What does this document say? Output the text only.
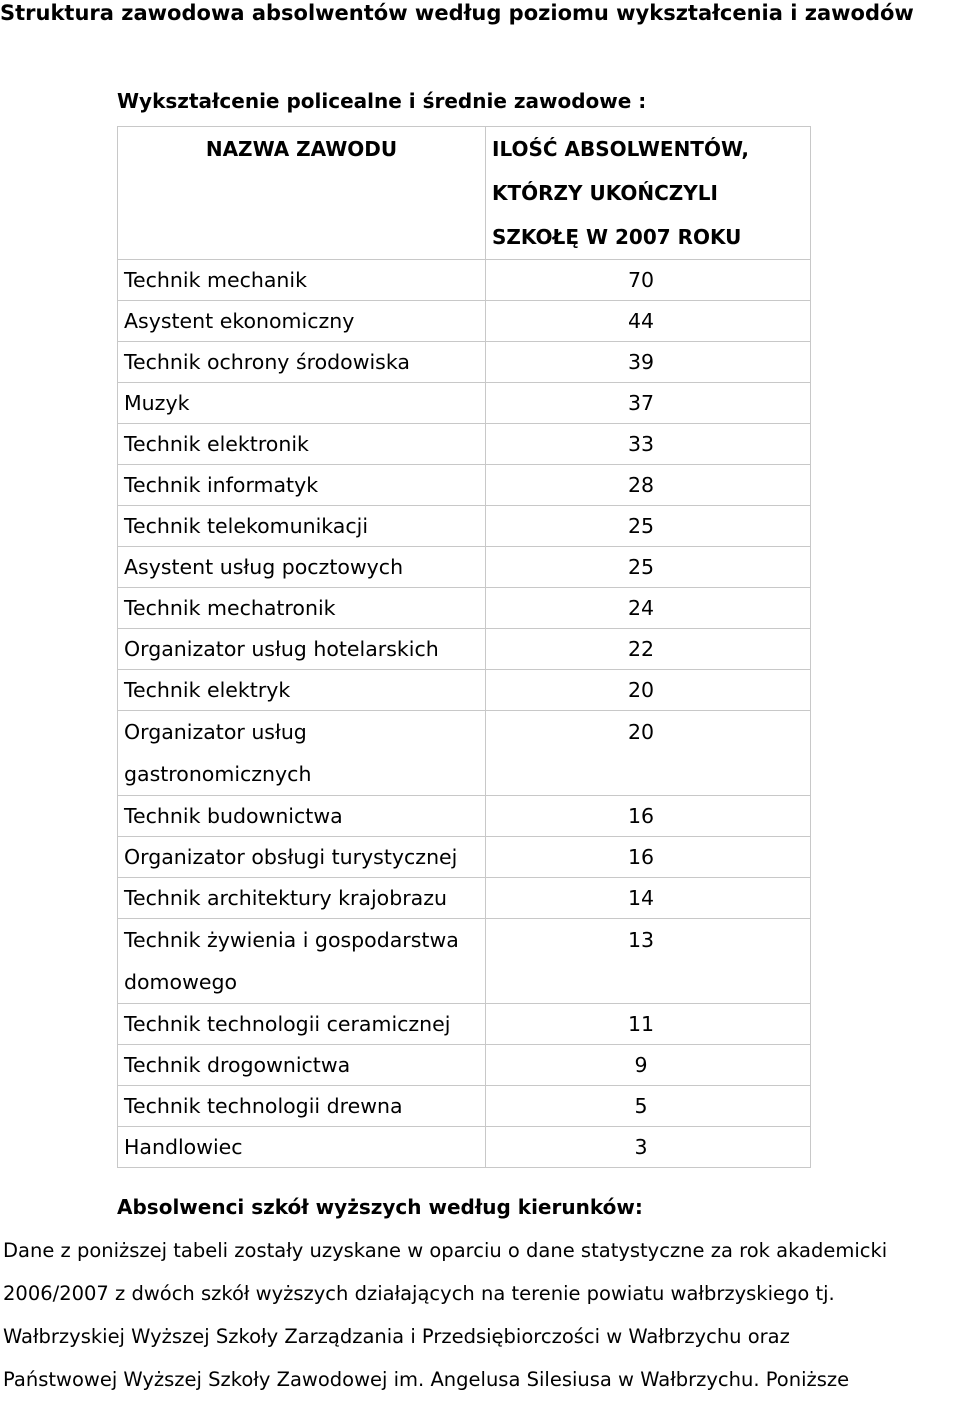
Struktura zawodowa absolwentów według poziomu wykształcenia i zawodów
Wykształcenie policealne i średnie zawodowe :
NAZWA ZAWODU	ILOŚĆ ABSOLWENTÓW,
KTÓRZY UKOŃCZYLI
SZKOŁĘ W 2007 ROKU

Technik mechanik	70
Asystent ekonomiczny	44
Technik ochrony środowiska	39
Muzyk	37
Technik elektronik	33
Technik informatyk	28
Technik telekomunikacji	25
Asystent usług pocztowych	25
Technik mechatronik	24
Organizator usług hotelarskich	22
Technik elektryk	20
Organizator usług gastronomicznych	20
Technik budownictwa	16
Organizator obsługi turystycznej	16
Technik architektury krajobrazu	14
Technik żywienia i gospodarstwa domowego	13
Technik technologii ceramicznej	11
Technik drogownictwa	9
Technik technologii drewna	5
Handlowiec	3
Absolwenci szkół wyższych według kierunków:
Dane z poniższej tabeli zostały uzyskane w oparciu o dane statystyczne za rok akademicki
2006/2007 z dwóch szkół wyższych działających na terenie powiatu wałbrzyskiego tj.
Wałbrzyskiej Wyższej Szkoły Zarządzania i Przedsiębiorczości w Wałbrzychu oraz
Państwowej Wyższej Szkoły Zawodowej im. Angelusa Silesiusa w Wałbrzychu. Poniższe
